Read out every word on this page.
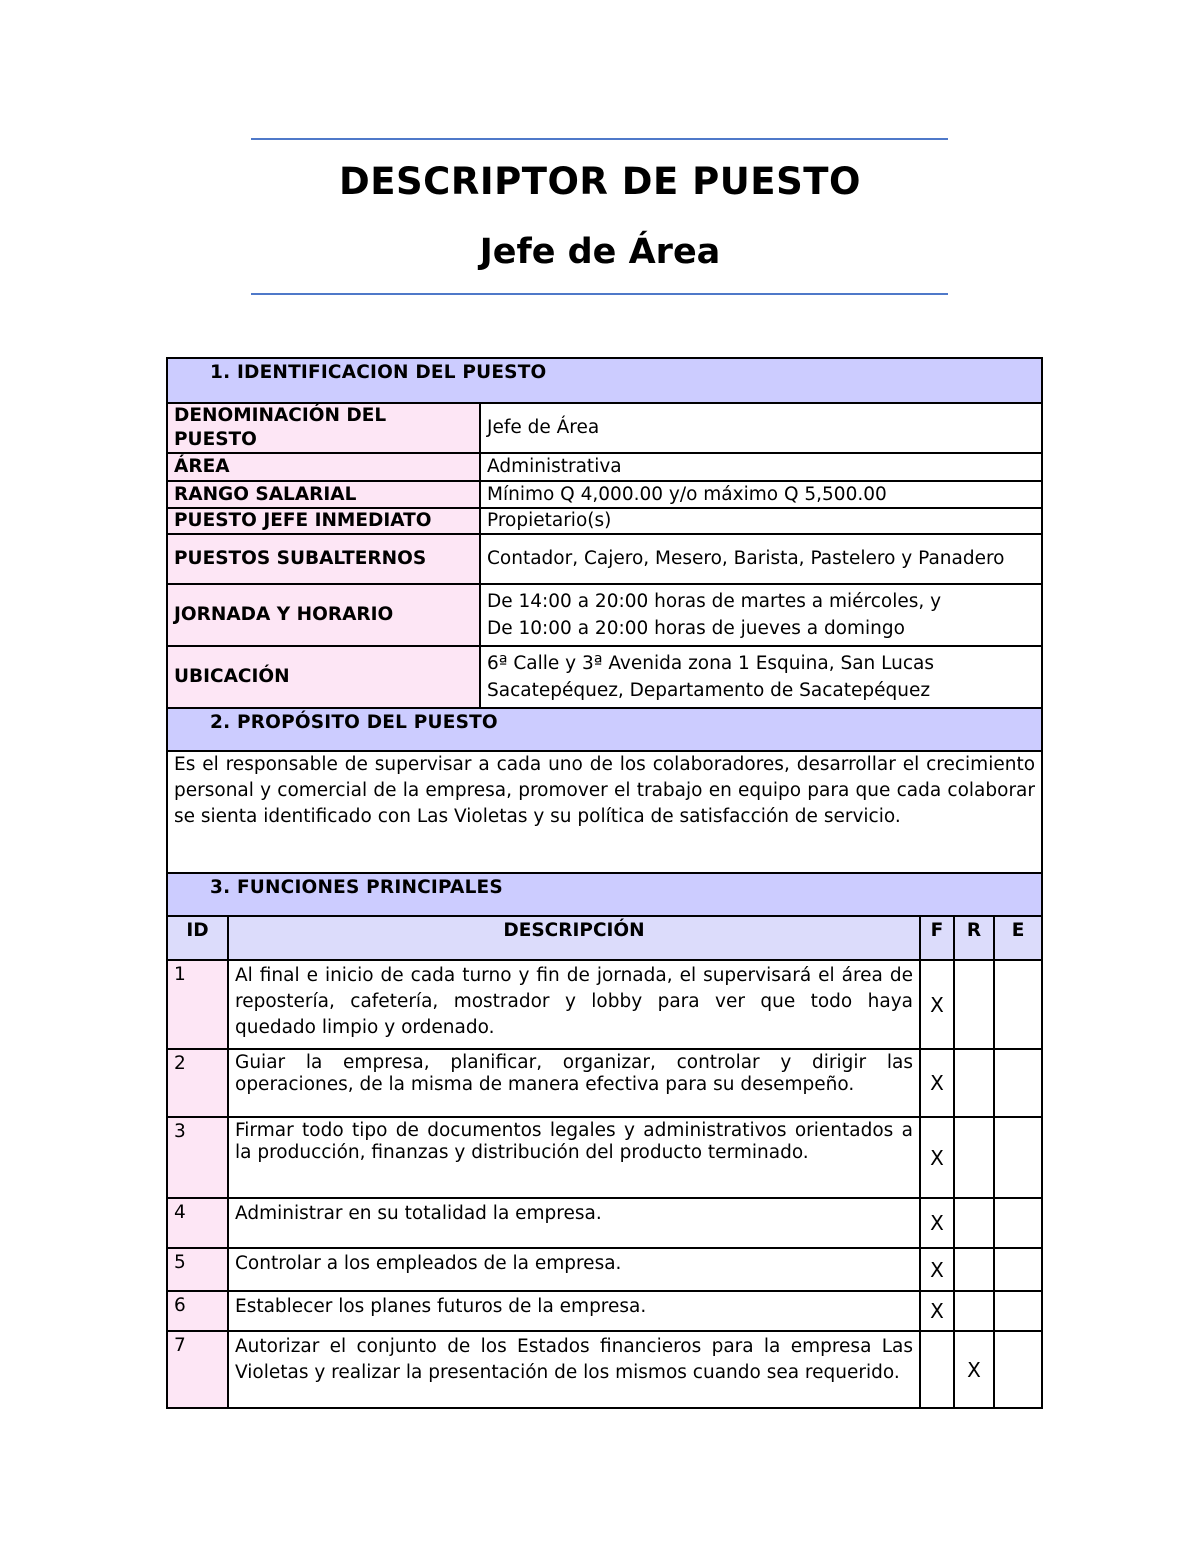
DESCRIPTOR DE PUESTO
Jefe de Área
1. IDENTIFICACION DEL PUESTO					
DENOMINACIÓN DEL PUESTO		Jefe de Área			
ÁREA		Administrativa			
RANGO SALARIAL		Mínimo Q 4,000.00 y/o máximo Q 5,500.00			
PUESTO JEFE INMEDIATO		Propietario(s)			
PUESTOS SUBALTERNOS		Contador, Cajero, Mesero, Barista, Pastelero y Panadero			
JORNADA Y HORARIO		De 14:00 a 20:00 horas de martes a miércoles, y
De 10:00 a 20:00 horas de jueves a domingo			

UBICACIÓN		6ª Calle y 3ª Avenida zona 1 Esquina, San Lucas Sacatepéquez, Departamento de Sacatepéquez			
2. PROPÓSITO DEL PUESTO					
Es el responsable de supervisar a cada uno de los colaboradores, desarrollar el crecimiento personal y comercial de la empresa, promover el trabajo en equipo para que cada colaborar se sienta identificado con Las Violetas y su política de satisfacción de servicio.					
3. FUNCIONES PRINCIPALES					
ID	DESCRIPCIÓN		F	R	E
1	Al final e inicio de cada turno y fin de jornada, el supervisará el área de repostería, cafetería, mostrador y lobby para ver que todo haya quedado limpio y ordenado.		X		
2	Guiar la empresa, planificar, organizar, controlar y dirigir las operaciones, de la misma de manera efectiva para su desempeño.		X		
3	Firmar todo tipo de documentos legales y administrativos orientados a la producción, finanzas y distribución del producto terminado.		X		
4	Administrar en su totalidad la empresa.		X		
5	Controlar a los empleados de la empresa.		X		
6	Establecer los planes futuros de la empresa.		X		
7	Autorizar el conjunto de los Estados financieros para la empresa Las Violetas y realizar la presentación de los mismos cuando sea requerido.			X	
